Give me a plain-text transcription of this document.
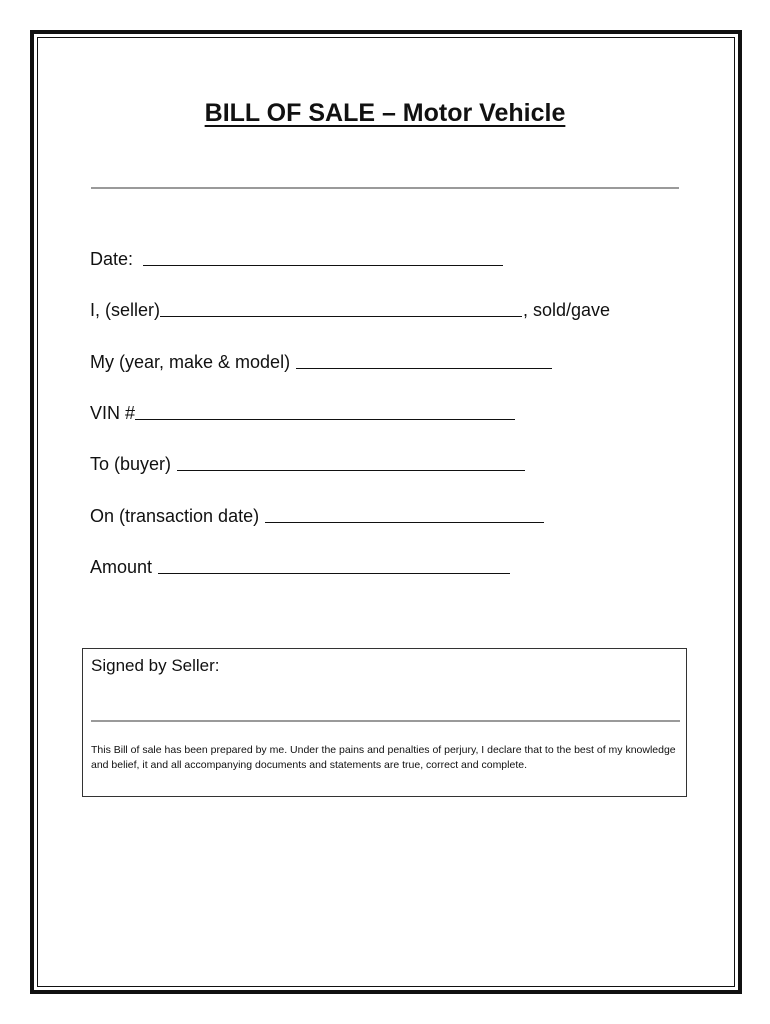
BILL OF SALE – Motor Vehicle
Date:
I, (seller)	, sold/gave
My (year, make & model)
VIN #
To (buyer)
On (transaction date)
Amount
Signed by Seller:

This Bill of sale has been prepared by me. Under the pains and penalties of perjury, I declare that to the best of my knowledge and belief, it and all accompanying documents and statements are true, correct and complete.
